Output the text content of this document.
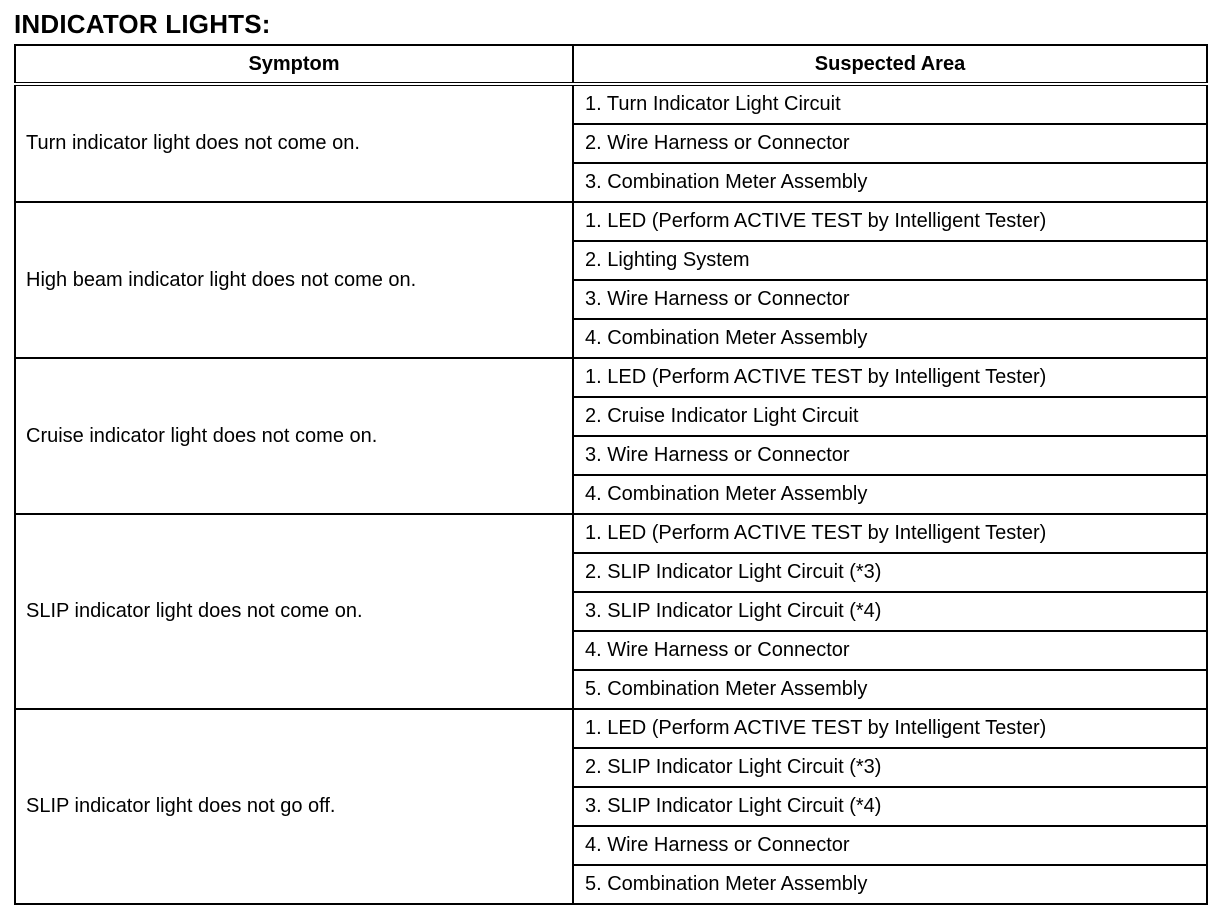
INDICATOR LIGHTS:
Symptom	Suspected Area
Turn indicator light does not come on.	1. Turn Indicator Light Circuit
	2. Wire Harness or Connector
	3. Combination Meter Assembly
High beam indicator light does not come on.	1. LED (Perform ACTIVE TEST by Intelligent Tester)
	2. Lighting System
	3. Wire Harness or Connector
	4. Combination Meter Assembly
Cruise indicator light does not come on.	1. LED (Perform ACTIVE TEST by Intelligent Tester)
	2. Cruise Indicator Light Circuit
	3. Wire Harness or Connector
	4. Combination Meter Assembly
SLIP indicator light does not come on.	1. LED (Perform ACTIVE TEST by Intelligent Tester)
	2. SLIP Indicator Light Circuit (*3)
	3. SLIP Indicator Light Circuit (*4)
	4. Wire Harness or Connector
	5. Combination Meter Assembly
SLIP indicator light does not go off.	1. LED (Perform ACTIVE TEST by Intelligent Tester)
	2. SLIP Indicator Light Circuit (*3)
	3. SLIP Indicator Light Circuit (*4)
	4. Wire Harness or Connector
	5. Combination Meter Assembly
